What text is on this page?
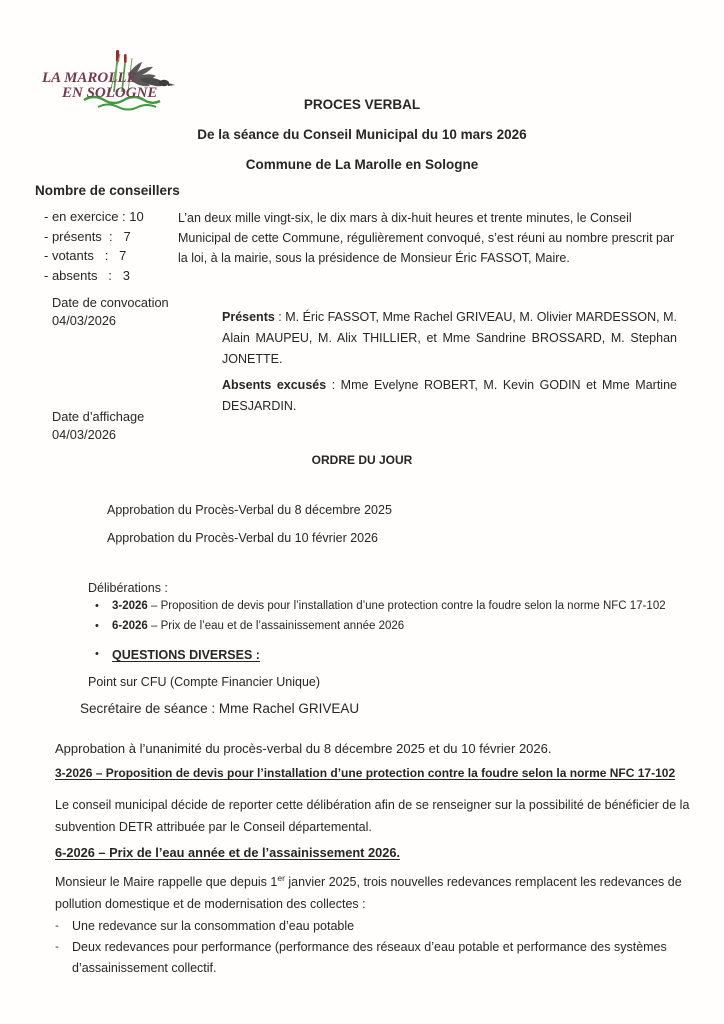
LA MAROLLE
EN SOLOGNE
PROCES VERBAL
De la séance du Conseil Municipal du 10 mars 2026
Commune de La Marolle en Sologne
Nombre de conseillers
- en exercice : 10
- présents  :   7
- votants   :   7
- absents   :   3
L’an deux mille vingt-six, le dix mars à dix-huit heures et trente minutes, le Conseil Municipal de cette Commune, régulièrement convoqué, s’est réuni au nombre prescrit par la loi, à la mairie, sous la présidence de Monsieur Éric FASSOT, Maire.
Date de convocation
04/03/2026	Présents : M. Éric FASSOT, Mme Rachel GRIVEAU, M. Olivier MARDESSON, M. Alain MAUPEU, M. Alix THILLIER, et Mme Sandrine BROSSARD, M. Stephan JONETTE.
Absents excusés : Mme Evelyne ROBERT, M. Kevin GODIN et Mme Martine DESJARDIN.
Date d’affichage
04/03/2026
ORDRE DU JOUR
Approbation du Procès-Verbal du 8 décembre 2025
Approbation du Procès-Verbal du 10 février 2026
Délibérations :
•	3-2026 – Proposition de devis pour l’installation d’une protection contre la foudre selon la norme NFC 17-102
•	6-2026 – Prix de l’eau et de l’assainissement année 2026
•	QUESTIONS DIVERSES :
Point sur CFU (Compte Financier Unique)
Secrétaire de séance : Mme Rachel GRIVEAU
Approbation à l’unanimité du procès-verbal du 8 décembre 2025 et du 10 février 2026.
3-2026 – Proposition de devis pour l’installation d’une protection contre la foudre selon la norme NFC 17-102
Le conseil municipal décide de reporter cette délibération afin de se renseigner sur la possibilité de bénéficier de la subvention DETR attribuée par le Conseil départemental.
6-2026 – Prix de l’eau année et de l’assainissement 2026.
Monsieur le Maire rappelle que depuis 1er janvier 2025, trois nouvelles redevances remplacent les redevances de pollution domestique et de modernisation des collectes :
-	Une redevance sur la consommation d’eau potable
-	Deux redevances pour performance (performance des réseaux d’eau potable et performance des systèmes d’assainissement collectif.
